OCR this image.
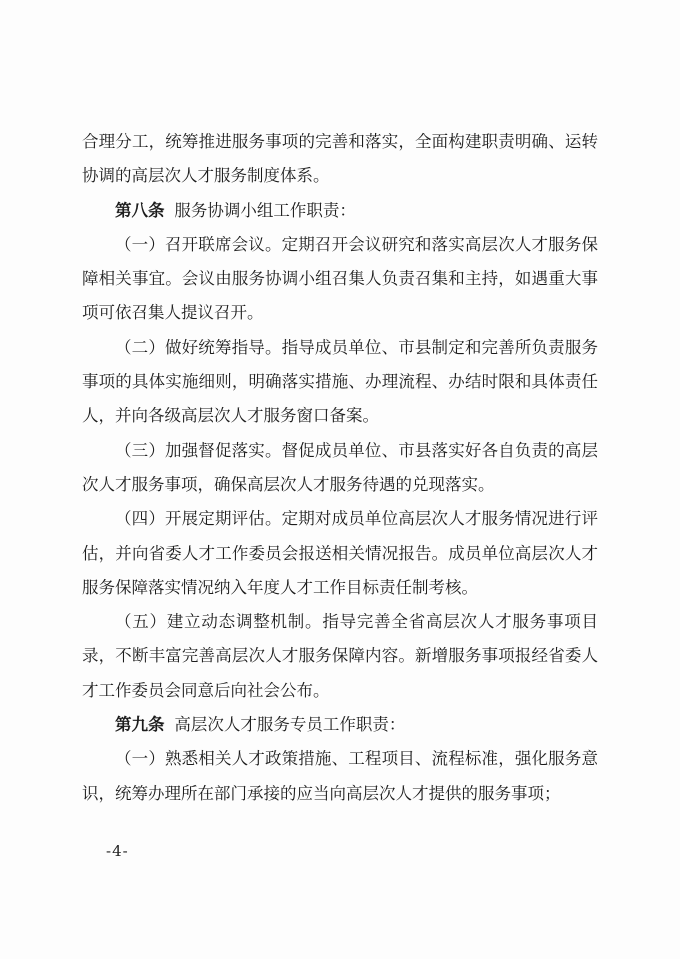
合理分工，统筹推进服务事项的完善和落实，全面构建职责明确、运转协调的高层次人才服务制度体系。

第八条 服务协调小组工作职责：

（一）召开联席会议。定期召开会议研究和落实高层次人才服务保障相关事宜。会议由服务协调小组召集人负责召集和主持，如遇重大事项可依召集人提议召开。

（二）做好统筹指导。指导成员单位、市县制定和完善所负责服务事项的具体实施细则，明确落实措施、办理流程、办结时限和具体责任人，并向各级高层次人才服务窗口备案。

（三）加强督促落实。督促成员单位、市县落实好各自负责的高层次人才服务事项，确保高层次人才服务待遇的兑现落实。

（四）开展定期评估。定期对成员单位高层次人才服务情况进行评估，并向省委人才工作委员会报送相关情况报告。成员单位高层次人才服务保障落实情况纳入年度人才工作目标责任制考核。

（五）建立动态调整机制。指导完善全省高层次人才服务事项目录，不断丰富完善高层次人才服务保障内容。新增服务事项报经省委人才工作委员会同意后向社会公布。

第九条 高层次人才服务专员工作职责：

（一）熟悉相关人才政策措施、工程项目、流程标准，强化服务意识，统筹办理所在部门承接的应当向高层次人才提供的服务事项；

-4-
